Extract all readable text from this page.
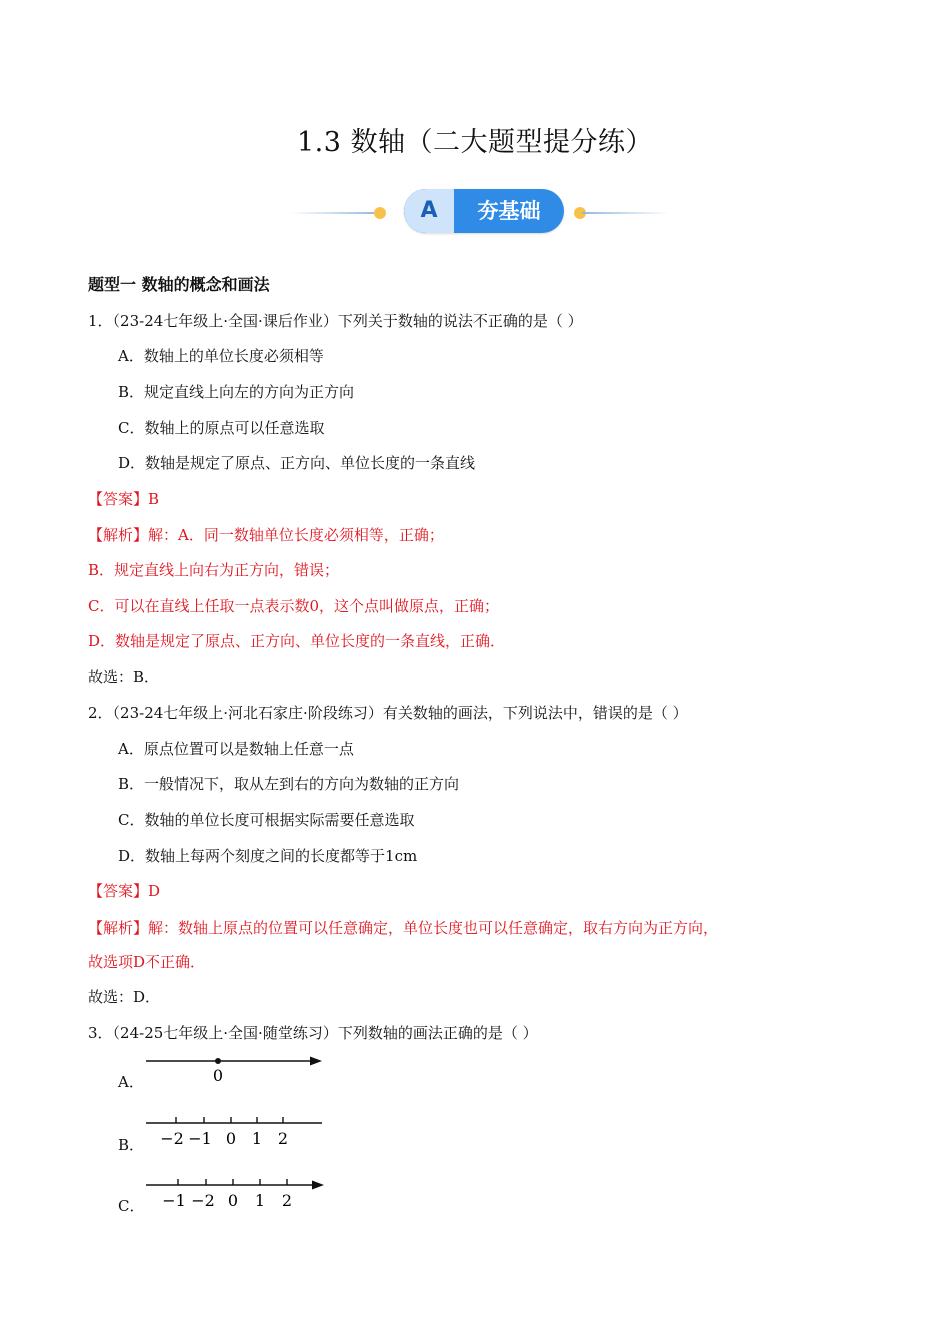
1.3 数轴（二大题型提分练）
A	夯基础
题型一 数轴的概念和画法
1．（23-24七年级上·全国·课后作业）下列关于数轴的说法不正确的是（ ）
A．数轴上的单位长度必须相等
B．规定直线上向左的方向为正方向
C．数轴上的原点可以任意选取
D．数轴是规定了原点、正方向、单位长度的一条直线
【答案】B
【解析】解：A．同一数轴单位长度必须相等，正确；
B．规定直线上向右为正方向，错误；
C．可以在直线上任取一点表示数0，这个点叫做原点，正确；
D．数轴是规定了原点、正方向、单位长度的一条直线，正确．
故选：B．
2．（23-24七年级上·河北石家庄·阶段练习）有关数轴的画法，下列说法中，错误的是（ ）
A．原点位置可以是数轴上任意一点
B．一般情况下，取从左到右的方向为数轴的正方向
C．数轴的单位长度可根据实际需要任意选取
D．数轴上每两个刻度之间的长度都等于1cm
【答案】D
【解析】解：数轴上原点的位置可以任意确定，单位长度也可以任意确定，取右方向为正方向，
故选项D不正确．
故选：D．
3．（24-25七年级上·全国·随堂练习）下列数轴的画法正确的是（ ）
A．	0
B． −2 −1 0 1 2
C． −1 −2 0 1 2
